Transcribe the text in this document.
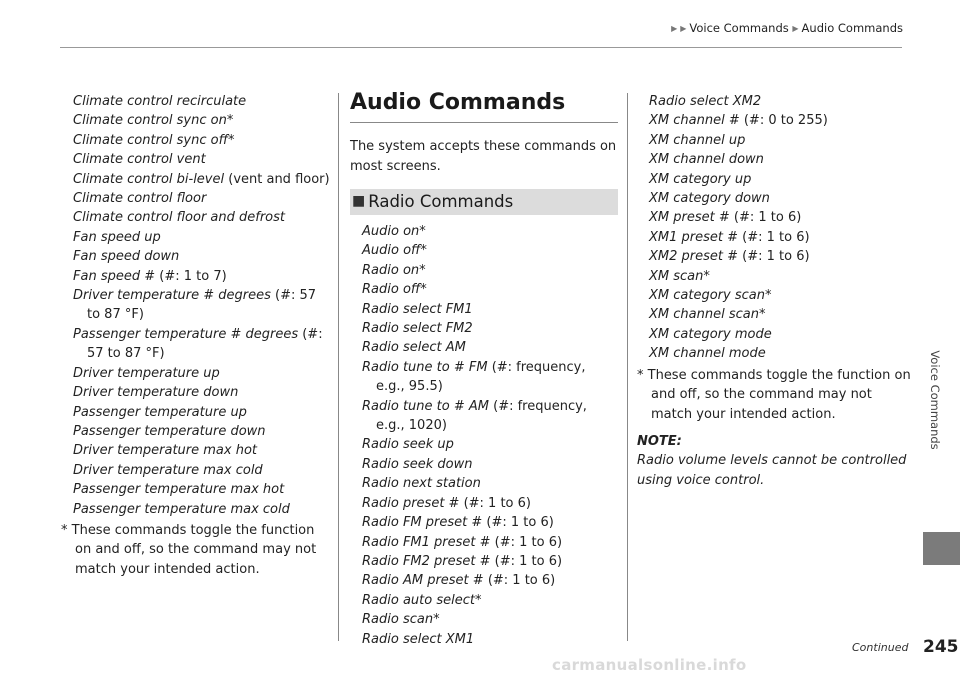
▶ ▶ Voice Commands ▶ Audio Commands
Voice Commands
Climate control recirculate
Climate control sync on*
Climate control sync off*
Climate control vent
Climate control bi-level (vent and floor)
Climate control floor
Climate control floor and defrost
Fan speed up
Fan speed down
Fan speed # (#: 1 to 7)
Driver temperature # degrees (#: 57 to 87 °F)
Passenger temperature # degrees (#: 57 to 87 °F)
Driver temperature up
Driver temperature down
Passenger temperature up
Passenger temperature down
Driver temperature max hot
Driver temperature max cold
Passenger temperature max hot
Passenger temperature max cold
* These commands toggle the function on and off, so the command may not match your intended action.
Audio Commands
The system accepts these commands on most screens.
■ Radio Commands
Audio on*
Audio off*
Radio on*
Radio off*
Radio select FM1
Radio select FM2
Radio select AM
Radio tune to # FM (#: frequency, e.g., 95.5)
Radio tune to # AM (#: frequency, e.g., 1020)
Radio seek up
Radio seek down
Radio next station
Radio preset # (#: 1 to 6)
Radio FM preset # (#: 1 to 6)
Radio FM1 preset # (#: 1 to 6)
Radio FM2 preset # (#: 1 to 6)
Radio AM preset # (#: 1 to 6)
Radio auto select*
Radio scan*
Radio select XM1
Radio select XM2
XM channel # (#: 0 to 255)
XM channel up
XM channel down
XM category up
XM category down
XM preset # (#: 1 to 6)
XM1 preset # (#: 1 to 6)
XM2 preset # (#: 1 to 6)
XM scan*
XM category scan*
XM channel scan*
XM category mode
XM channel mode
* These commands toggle the function on and off, so the command may not match your intended action.
NOTE:
Radio volume levels cannot be controlled using voice control.
Continued 245
carmanualsonline.info
